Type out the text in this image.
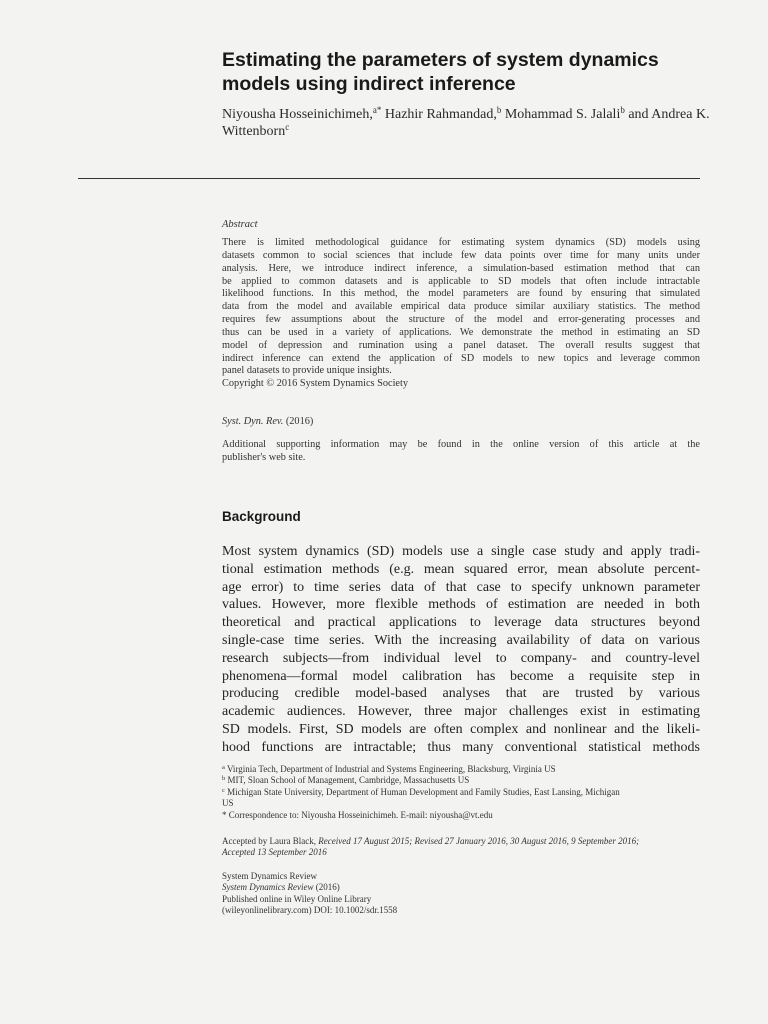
Estimating the parameters of system dynamics
models using indirect inference
Niyousha Hosseinichimeh,$^{a*}$ Hazhir Rahmandad,$^b$ Mohammad S. Jalali$^b$ and Andrea K. Wittenborn$^c$
Abstract
There is limited methodological guidance for estimating system dynamics (SD) models using
datasets common to social sciences that include few data points over time for many units under
analysis. Here, we introduce indirect inference, a simulation-based estimation method that can
be applied to common datasets and is applicable to SD models that often include intractable
likelihood functions. In this method, the model parameters are found by ensuring that simulated
data from the model and available empirical data produce similar auxiliary statistics. The method
requires few assumptions about the structure of the model and error-generating processes and
thus can be used in a variety of applications. We demonstrate the method in estimating an SD
model of depression and rumination using a panel dataset. The overall results suggest that
indirect inference can extend the application of SD models to new topics and leverage common
panel datasets to provide unique insights.
Copyright © 2016 System Dynamics Society
Syst. Dyn. Rev. (2016)
Additional supporting information may be found in the online version of this article at the
publisher's web site.
Background
Most system dynamics (SD) models use a single case study and apply tradi-
tional estimation methods (e.g. mean squared error, mean absolute percent-
age error) to time series data of that case to specify unknown parameter
values. However, more flexible methods of estimation are needed in both
theoretical and practical applications to leverage data structures beyond
single-case time series. With the increasing availability of data on various
research subjects—from individual level to company- and country-level
phenomena—formal model calibration has become a requisite step in
producing credible model-based analyses that are trusted by various
academic audiences. However, three major challenges exist in estimating
SD models. First, SD models are often complex and nonlinear and the likeli-
hood functions are intractable; thus many conventional statistical methods
$^a$ Virginia Tech, Department of Industrial and Systems Engineering, Blacksburg, Virginia US
$^b$ MIT, Sloan School of Management, Cambridge, Massachusetts US
$^c$ Michigan State University, Department of Human Development and Family Studies, East Lansing, Michigan
US
* Correspondence to: Niyousha Hosseinichimeh. E-mail: niyousha@vt.edu
Accepted by Laura Black, Received 17 August 2015; Revised 27 January 2016, 30 August 2016, 9 September 2016;
Accepted 13 September 2016
System Dynamics Review
System Dynamics Review (2016)
Published online in Wiley Online Library
(wileyonlinelibrary.com) DOI: 10.1002/sdr.1558
